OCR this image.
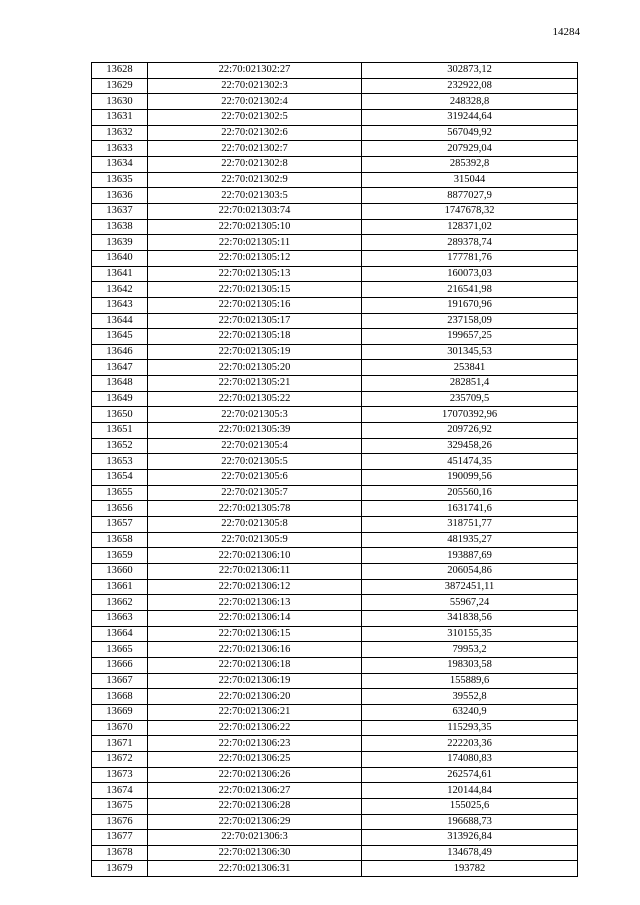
14284
13628	22:70:021302:27	302873,12
13629	22:70:021302:3	232922,08
13630	22:70:021302:4	248328,8
13631	22:70:021302:5	319244,64
13632	22:70:021302:6	567049,92
13633	22:70:021302:7	207929,04
13634	22:70:021302:8	285392,8
13635	22:70:021302:9	315044
13636	22:70:021303:5	8877027,9
13637	22:70:021303:74	1747678,32
13638	22:70:021305:10	128371,02
13639	22:70:021305:11	289378,74
13640	22:70:021305:12	177781,76
13641	22:70:021305:13	160073,03
13642	22:70:021305:15	216541,98
13643	22:70:021305:16	191670,96
13644	22:70:021305:17	237158,09
13645	22:70:021305:18	199657,25
13646	22:70:021305:19	301345,53
13647	22:70:021305:20	253841
13648	22:70:021305:21	282851,4
13649	22:70:021305:22	235709,5
13650	22:70:021305:3	17070392,96
13651	22:70:021305:39	209726,92
13652	22:70:021305:4	329458,26
13653	22:70:021305:5	451474,35
13654	22:70:021305:6	190099,56
13655	22:70:021305:7	205560,16
13656	22:70:021305:78	1631741,6
13657	22:70:021305:8	318751,77
13658	22:70:021305:9	481935,27
13659	22:70:021306:10	193887,69
13660	22:70:021306:11	206054,86
13661	22:70:021306:12	3872451,11
13662	22:70:021306:13	55967,24
13663	22:70:021306:14	341838,56
13664	22:70:021306:15	310155,35
13665	22:70:021306:16	79953,2
13666	22:70:021306:18	198303,58
13667	22:70:021306:19	155889,6
13668	22:70:021306:20	39552,8
13669	22:70:021306:21	63240,9
13670	22:70:021306:22	115293,35
13671	22:70:021306:23	222203,36
13672	22:70:021306:25	174080,83
13673	22:70:021306:26	262574,61
13674	22:70:021306:27	120144,84
13675	22:70:021306:28	155025,6
13676	22:70:021306:29	196688,73
13677	22:70:021306:3	313926,84
13678	22:70:021306:30	134678,49
13679	22:70:021306:31	193782
